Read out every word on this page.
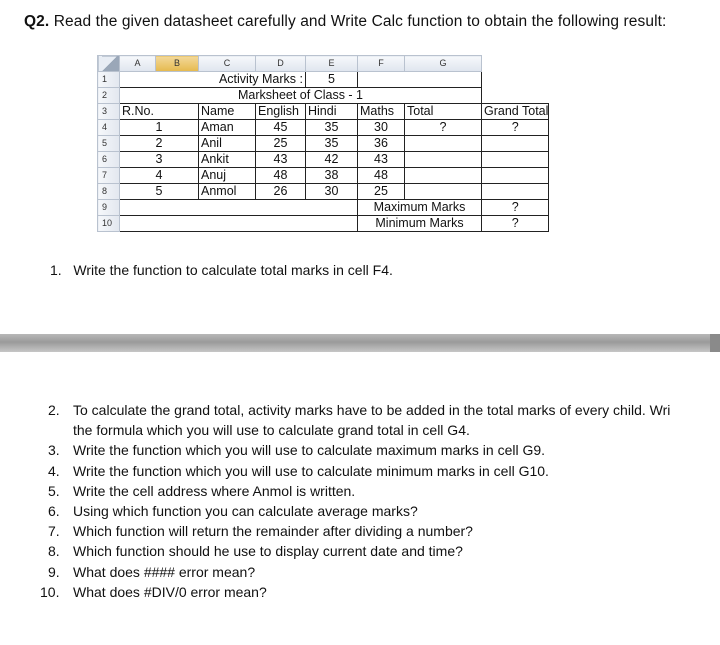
Q2. Read the given datasheet carefully and Write Calc function to obtain the following result:
	A	B	C	D	E	F	G	
1			Activity Marks :		5			
2	Marksheet of Class - 1							
3	R.No.		Name	English	Hindi	Maths	Total	Grand Total
4	1		Aman	45	35	30	?	?
5	2		Anil	25	35	36		
6	3		Ankit	43	42	43		
7	4		Anuj	48	38	48		
8	5		Anmol	26	30	25		
9						Maximum Marks		?
10						Minimum Marks		?
1. Write the function to calculate total marks in cell F4.
2. To calculate the grand total, activity marks have to be added in the total marks of every child. Wri
the formula which you will use to calculate grand total in cell G4.
3. Write the function which you will use to calculate maximum marks in cell G9.
4. Write the function which you will use to calculate minimum marks in cell G10.
5. Write the cell address where Anmol is written.
6. Using which function you can calculate average marks?
7. Which function will return the remainder after dividing a number?
8. Which function should he use to display current date and time?
9. What does #### error mean?
10. What does #DIV/0 error mean?
